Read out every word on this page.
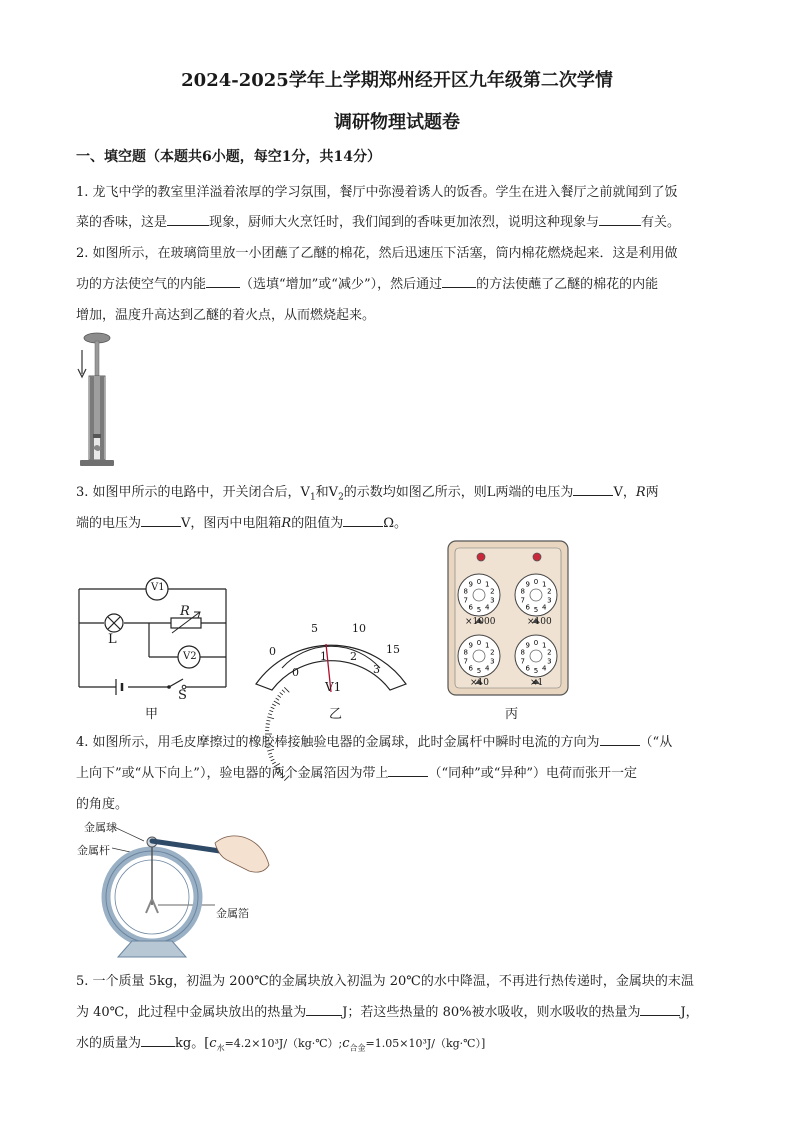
2024-2025学年上学期郑州经开区九年级第二次学情
调研物理试题卷
一、填空题（本题共6小题，每空1分，共14分）
1. 龙飞中学的教室里洋溢着浓厚的学习氛围，餐厅中弥漫着诱人的饭香。学生在进入餐厅之前就闻到了饭
菜的香味，这是	现象，厨师大火烹饪时，我们闻到的香味更加浓烈，说明这种现象与	有关。
2. 如图所示，在玻璃筒里放一小团蘸了乙醚的棉花，然后迅速压下活塞，筒内棉花燃烧起来．这是利用做
功的方法使空气的内能	（选填“增加”或“减少”），然后通过	的方法使蘸了乙醚的棉花的内能
增加，温度升高达到乙醚的着火点，从而燃烧起来。
3. 如图甲所示的电路中，开关闭合后，$V_1$和$V_2$的示数均如图乙所示，则L两端的电压为	V，R两
端的电压为	V，图丙中电阻箱R的阻值为	Ω。
V1
L
R
V2
S
甲
0
5	10
15
0
1 2
3
V1
乙
0 1
2
3
4
5
6
7
8
9	0 1
2
3
4
5
6
7
8
9
0 1
2
3
4
5
6
7
8
9	0 1
2
3
4
5
6
7
8
9
×1000	×100
×10	×1
丙
4. 如图所示，用毛皮摩擦过的橡胶棒接触验电器的金属球，此时金属杆中瞬时电流的方向为	（“从
上向下”或“从下向上”），验电器的两个金属箔因为带上	（“同种”或“异种”）电荷而张开一定
的角度。
金属球
金属杆
金属箔
5. 一个质量 5kg，初温为 200℃的金属块放入初温为 20℃的水中降温，不再进行热传递时，金属块的末温
为 40℃，此过程中金属块放出的热量为	J；若这些热量的 80%被水吸收，则水吸收的热量为	J，
水的质量为	kg。$[c_水=4.2\times 10^3J/(kg\cdot℃);c_{合金}=1.05\times 10^3J/(kg\cdot℃)]$
